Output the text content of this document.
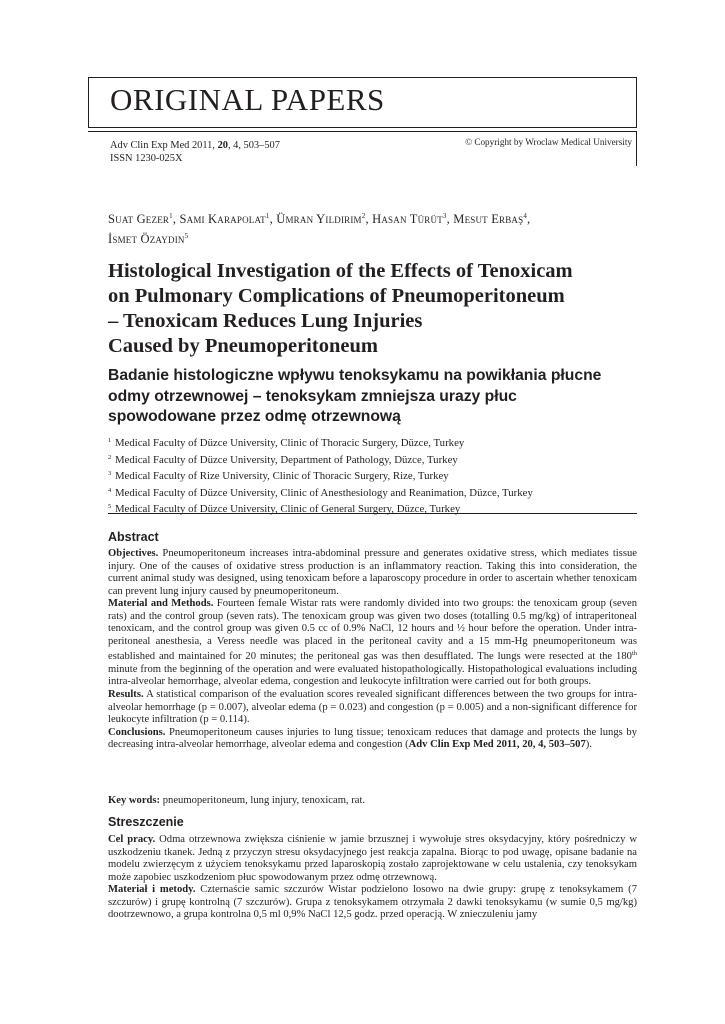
ORIGINAL PAPERS
Adv Clin Exp Med 2011, 20, 4, 503–507
ISSN 1230-025X
© Copyright by Wroclaw Medical University
Suat Gezer$^1$, Sami Karapolat$^1$, Ümran Yildirim$^2$, Hasan Türüt$^3$, Mesut Erbaş$^4$,
İsmet Özaydin$^5$
Histological Investigation of the Effects of Tenoxicam
on Pulmonary Complications of Pneumoperitoneum
– Tenoxicam Reduces Lung Injuries
Caused by Pneumoperitoneum
Badanie histologiczne wpływu tenoksykamu na powikłania płucne
odmy otrzewnowej – tenoksykam zmniejsza urazy płuc
spowodowane przez odmę otrzewnową
$^1$ Medical Faculty of Düzce University, Clinic of Thoracic Surgery, Düzce, Turkey
$^2$ Medical Faculty of Düzce University, Department of Pathology, Düzce, Turkey
$^3$ Medical Faculty of Rize University, Clinic of Thoracic Surgery, Rize, Turkey
$^4$ Medical Faculty of Düzce University, Clinic of Anesthesiology and Reanimation, Düzce, Turkey
$^5$ Medical Faculty of Düzce University, Clinic of General Surgery, Düzce, Turkey
Abstract

Objectives. Pneumoperitoneum increases intra-abdominal pressure and generates oxidative stress, which mediates tissue injury. One of the causes of oxidative stress production is an inflammatory reaction. Taking this into consideration, the current animal study was designed, using tenoxicam before a laparoscopy procedure in order to ascertain whether tenoxicam can prevent lung injury caused by pneumoperitoneum.

Material and Methods. Fourteen female Wistar rats were randomly divided into two groups: the tenoxicam group (seven rats) and the control group (seven rats). The tenoxicam group was given two doses (totalling 0.5 mg/kg) of intraperitoneal tenoxicam, and the control group was given 0.5 cc of 0.9% NaCl, 12 hours and ½ hour before the operation. Under intra-peritoneal anesthesia, a Veress needle was placed in the peritoneal cavity and a 15 mm-Hg pneumoperitoneum was established and maintained for 20 minutes; the peritoneal gas was then desufflated. The lungs were resected at the 180th minute from the beginning of the operation and were evaluated histopathologically. Histopathological evaluations including intra-alveolar hemorrhage, alveolar edema, congestion and leukocyte infiltration were carried out for both groups.

Results. A statistical comparison of the evaluation scores revealed significant differences between the two groups for intra-alveolar hemorrhage (p = 0.007), alveolar edema (p = 0.023) and congestion (p = 0.005) and a non-significant difference for leukocyte infiltration (p = 0.114).

Conclusions. Pneumoperitoneum causes injuries to lung tissue; tenoxicam reduces that damage and protects the lungs by decreasing intra-alveolar hemorrhage, alveolar edema and congestion (Adv Clin Exp Med 2011, 20, 4, 503–507).

Key words: pneumoperitoneum, lung injury, tenoxicam, rat.

Streszczenie

Cel pracy. Odma otrzewnowa zwiększa ciśnienie w jamie brzusznej i wywołuje stres oksydacyjny, który pośredniczy w uszkodzeniu tkanek. Jedną z przyczyn stresu oksydacyjnego jest reakcja zapalna. Biorąc to pod uwagę, opisane badanie na modelu zwierzęcym z użyciem tenoksykamu przed laparoskopią zostało zaprojektowane w celu ustalenia, czy tenoksykam może zapobiec uszkodzeniom płuc spowodowanym przez odmę otrzewnową.

Materiał i metody. Czternaście samic szczurów Wistar podzielono losowo na dwie grupy: grupę z tenoksykamem (7 szczurów) i grupę kontrolną (7 szczurów). Grupa z tenoksykamem otrzymała 2 dawki tenoksykamu (w sumie 0,5 mg/kg) dootrzewnowo, a grupa kontrolna 0,5 ml 0,9% NaCl 12,5 godz. przed operacją. W znieczuleniu jamy
